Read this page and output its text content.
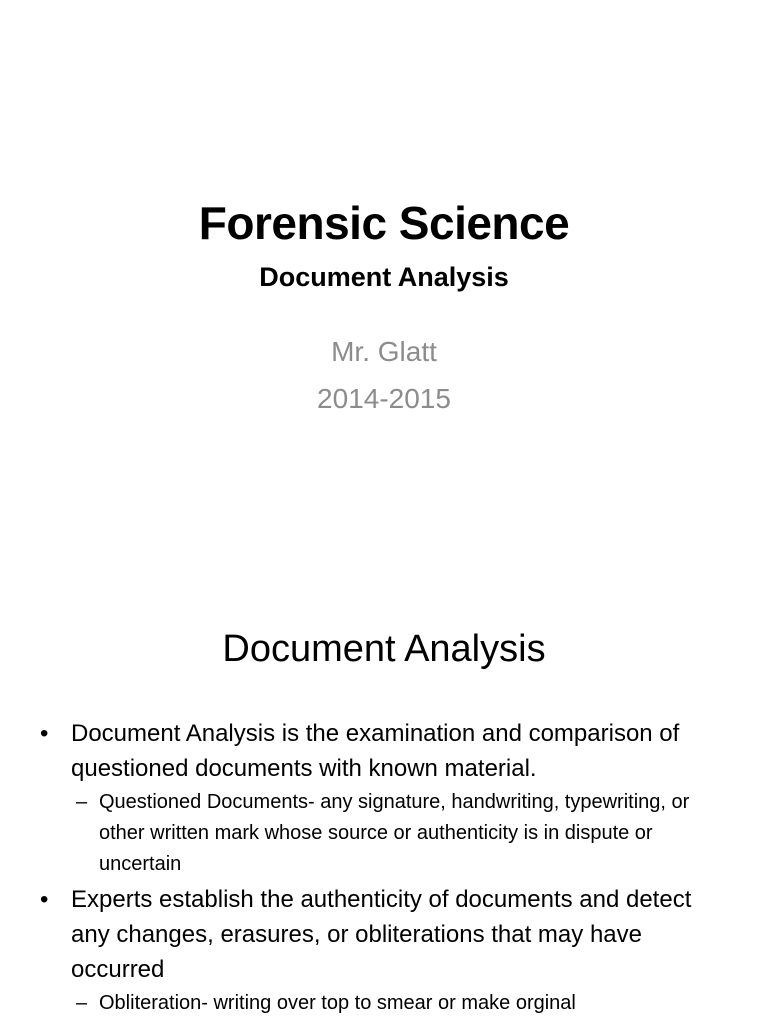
Forensic Science
Document Analysis
Mr. Glatt
2014-2015
Document Analysis
• Document Analysis is the examination and comparison of questioned documents with known material.
– Questioned Documents- any signature, handwriting, typewriting, or other written mark whose source or authenticity is in dispute or uncertain
• Experts establish the authenticity of documents and detect any changes, erasures, or obliterations that may have occurred
– Obliteration- writing over top to smear or make orginal
